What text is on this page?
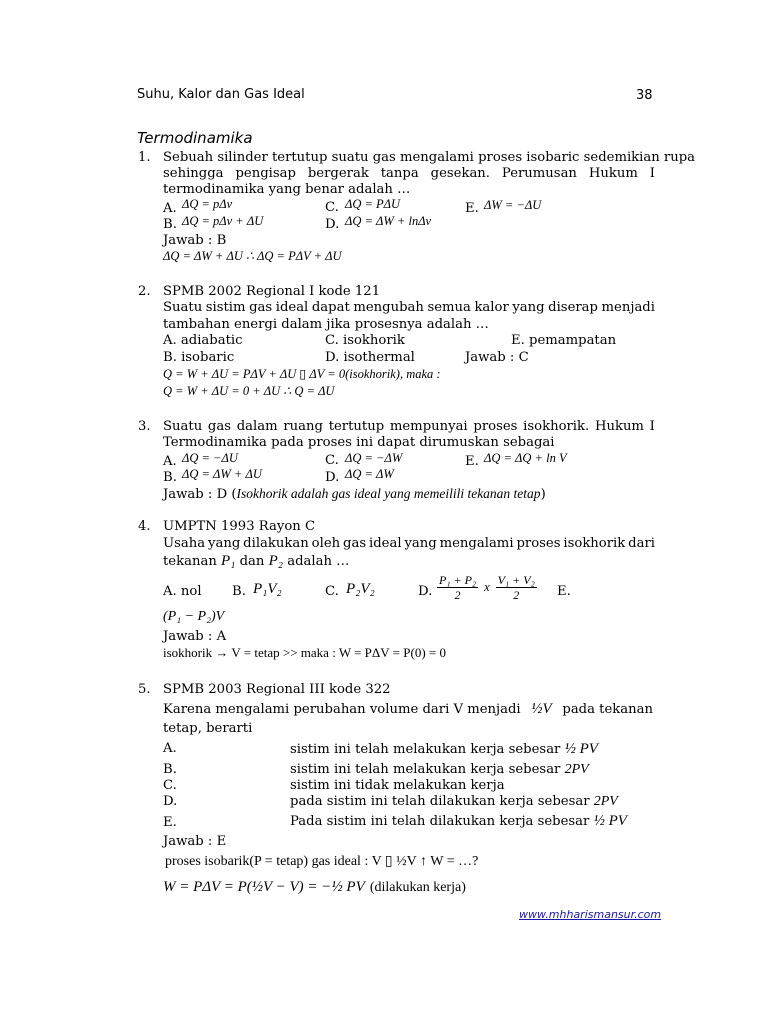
Suhu, Kalor dan Gas Ideal	38
Termodinamika
1. Sebuah silinder tertutup suatu gas mengalami proses isobaric sedemikian rupa
sehingga pengisap bergerak tanpa gesekan. Perumusan Hukum I
termodinamika yang benar adalah …
A. ΔQ = pΔv
B. ΔQ = pΔv + ΔU
C. ΔQ = PΔU
D. ΔQ = ΔW + lnΔv
E. ΔW = −ΔU
Jawab : B
ΔQ = ΔW + ΔU ∴ ΔQ = PΔV + ΔU
2. SPMB 2002 Regional I kode 121
Suatu sistim gas ideal dapat mengubah semua kalor yang diserap menjadi
tambahan energi dalam jika prosesnya adalah …
A. adiabatic
B. isobaric
C. isokhorik
D. isothermal
E. pemampatan
Jawab : C
Q = W + ΔU = PΔV + ΔU ▯ ΔV = 0(isokhorik), maka :
Q = W + ΔU = 0 + ΔU ∴ Q = ΔU
3. Suatu gas dalam ruang tertutup mempunyai proses isokhorik. Hukum I
Termodinamika pada proses ini dapat dirumuskan sebagai
A. ΔQ = −ΔU
B. ΔQ = ΔW + ΔU
C. ΔQ = −ΔW
D. ΔQ = ΔW
E. ΔQ = ΔQ + ln V
Jawab : D (Isokhorik adalah gas ideal yang memeilili tekanan tetap)
4. UMPTN 1993 Rayon C
Usaha yang dilakukan oleh gas ideal yang mengalami proses isokhorik dari
tekanan P₁ dan P₂ adalah …
A. nol B. P₁V₂	C. P₂V₂	D. $\frac{\text{P₁ + P₂}}{2}$ x $\frac{\text{V₁ + V₂}}{2} E$.
(P₁ − P₂)V
Jawab : A
isokhorik → V = tetap >> maka : W = PΔV = P(0) = 0
5. SPMB 2003 Regional III kode 322
Karena mengalami perubahan volume dari V menjadi ½V pada tekanan
tetap, berarti
A.	sistim ini telah melakukan kerja sebesar ½ PV
B.	sistim ini telah melakukan kerja sebesar 2PV
C.	sistim ini tidak melakukan kerja
D.	pada sistim ini telah dilakukan kerja sebesar 2PV
E.	Pada sistim ini telah dilakukan kerja sebesar ½ PV
Jawab : E
proses isobarik(P = tetap) gas ideal : V ▯ ½V ↑ W = …?
W = PΔV = P(½V − V) = −½ PV (dilakukan kerja)
www.mhharismansur.com
